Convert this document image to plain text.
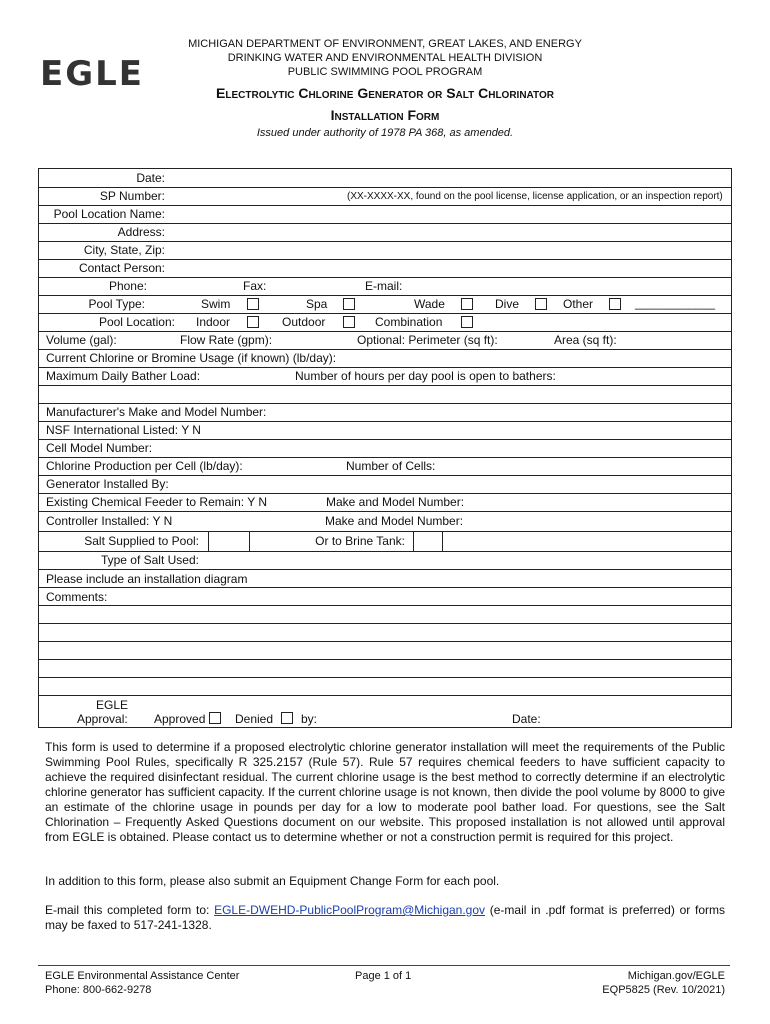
MICHIGAN DEPARTMENT OF ENVIRONMENT, GREAT LAKES, AND ENERGY
DRINKING WATER AND ENVIRONMENTAL HEALTH DIVISION
PUBLIC SWIMMING POOL PROGRAM
EGLE	Electrolytic Chlorine Generator or Salt Chlorinator
Installation Form
Issued under authority of 1978 PA 368, as amended.
Date:
SP Number:	(XX-XXXX-XX, found on the pool license, license application, or an inspection report)
Pool Location Name:
Address:
City, State, Zip:
Contact Person:
Phone:	Fax:	E-mail:
Pool Type:	Swim	Spa	Wade	Dive	Other	____________
Pool Location: Indoor	Outdoor	Combination
Volume (gal):	Flow Rate (gpm):	Optional: Perimeter (sq ft):	Area (sq ft):
Current Chlorine or Bromine Usage (if known) (lb/day):
Maximum Daily Bather Load:	Number of hours per day pool is open to bathers:
Manufacturer's Make and Model Number:
NSF International Listed: Y N
Cell Model Number:
Chlorine Production per Cell (lb/day):	Number of Cells:
Generator Installed By:
Existing Chemical Feeder to Remain: Y N	Make and Model Number:
Controller Installed: Y N	Make and Model Number:
Salt Supplied to Pool:	Or to Brine Tank:
Type of Salt Used:
Please include an installation diagram
Comments:
EGLE
Approval: Approved Denied by:	Date:
This form is used to determine if a proposed electrolytic chlorine generator installation will meet the requirements of the Public Swimming Pool Rules, specifically R 325.2157 (Rule 57). Rule 57 requires chemical feeders to have sufficient capacity to achieve the required disinfectant residual. The current chlorine usage is the best method to correctly determine if an electrolytic chlorine generator has sufficient capacity. If the current chlorine usage is not known, then divide the pool volume by 8000 to give an estimate of the chlorine usage in pounds per day for a low to moderate pool bather load. For questions, see the Salt Chlorination – Frequently Asked Questions document on our website. This proposed installation is not allowed until approval from EGLE is obtained. Please contact us to determine whether or not a construction permit is required for this project.
In addition to this form, please also submit an Equipment Change Form for each pool.
E-mail this completed form to: EGLE-DWEHD-PublicPoolProgram@Michigan.gov (e-mail in .pdf format is preferred) or forms may be faxed to 517-241-1328.
EGLE Environmental Assistance Center
Phone: 800-662-9278
Page 1 of 1	Michigan.gov/EGLE
EQP5825 (Rev. 10/2021)
